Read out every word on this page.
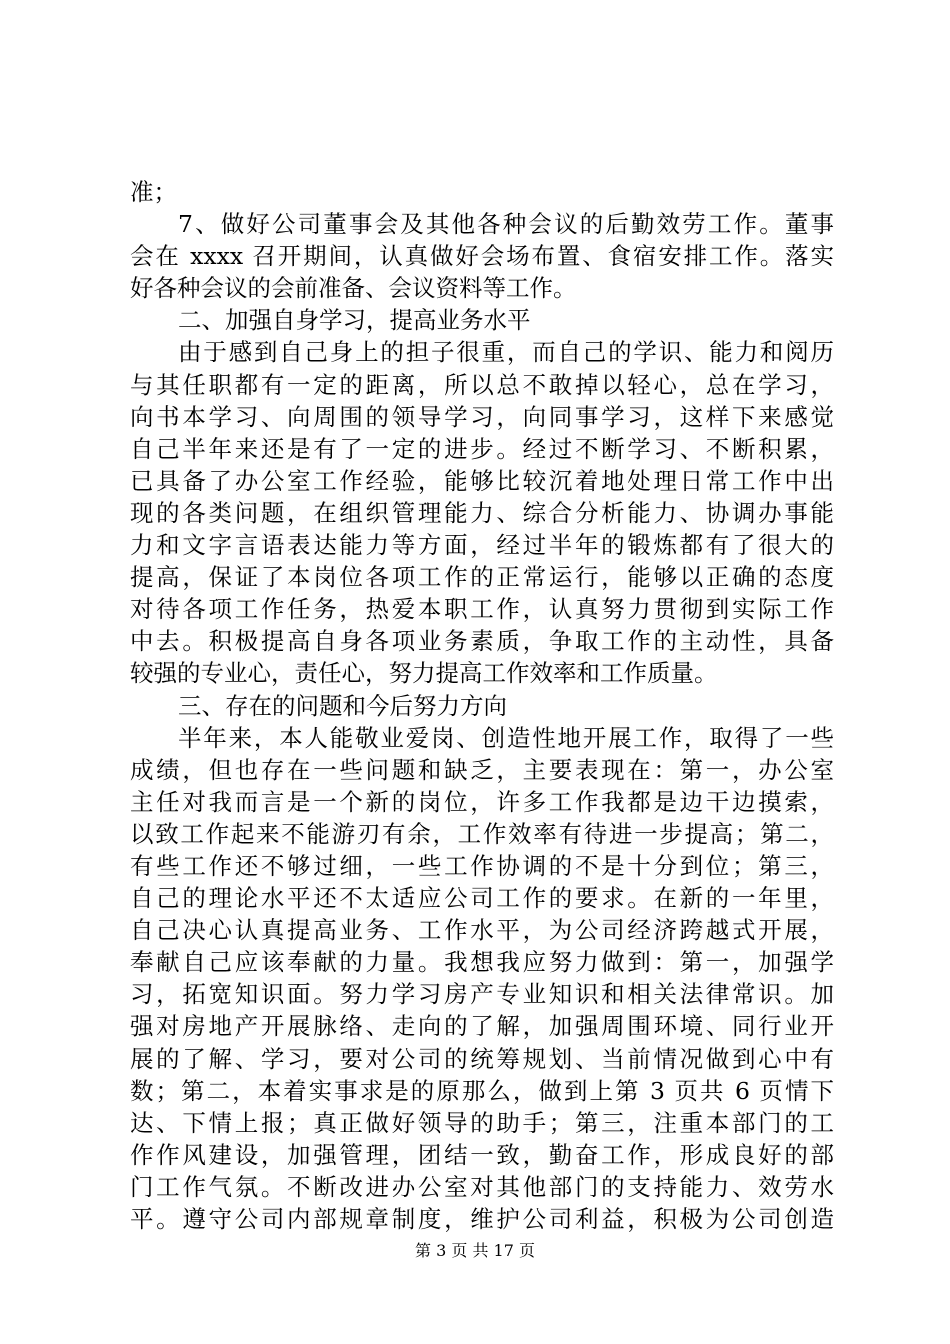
准；
7、做好公司董事会及其他各种会议的后勤效劳工作。董事
会在 xxxx 召开期间，认真做好会场布置、食宿安排工作。落实
好各种会议的会前准备、会议资料等工作。
二、加强自身学习，提高业务水平
由于感到自己身上的担子很重，而自己的学识、能力和阅历
与其任职都有一定的距离，所以总不敢掉以轻心，总在学习，
向书本学习、向周围的领导学习，向同事学习，这样下来感觉
自己半年来还是有了一定的进步。经过不断学习、不断积累，
已具备了办公室工作经验，能够比较沉着地处理日常工作中出
现的各类问题，在组织管理能力、综合分析能力、协调办事能
力和文字言语表达能力等方面，经过半年的锻炼都有了很大的
提高，保证了本岗位各项工作的正常运行，能够以正确的态度
对待各项工作任务，热爱本职工作，认真努力贯彻到实际工作
中去。积极提高自身各项业务素质，争取工作的主动性，具备
较强的专业心，责任心，努力提高工作效率和工作质量。
三、存在的问题和今后努力方向
半年来，本人能敬业爱岗、创造性地开展工作，取得了一些
成绩，但也存在一些问题和缺乏，主要表现在：第一，办公室
主任对我而言是一个新的岗位，许多工作我都是边干边摸索，
以致工作起来不能游刃有余，工作效率有待进一步提高；第二，
有些工作还不够过细，一些工作协调的不是十分到位；第三，
自己的理论水平还不太适应公司工作的要求。在新的一年里，
自己决心认真提高业务、工作水平，为公司经济跨越式开展，
奉献自己应该奉献的力量。我想我应努力做到：第一，加强学
习，拓宽知识面。努力学习房产专业知识和相关法律常识。加
强对房地产开展脉络、走向的了解，加强周围环境、同行业开
展的了解、学习，要对公司的统筹规划、当前情况做到心中有
数；第二，本着实事求是的原那么，做到上第 3 页共 6 页情下
达、下情上报；真正做好领导的助手；第三，注重本部门的工
作作风建设，加强管理，团结一致，勤奋工作，形成良好的部
门工作气氛。不断改进办公室对其他部门的支持能力、效劳水
平。遵守公司内部规章制度，维护公司利益，积极为公司创造
第 3 页 共 17 页
